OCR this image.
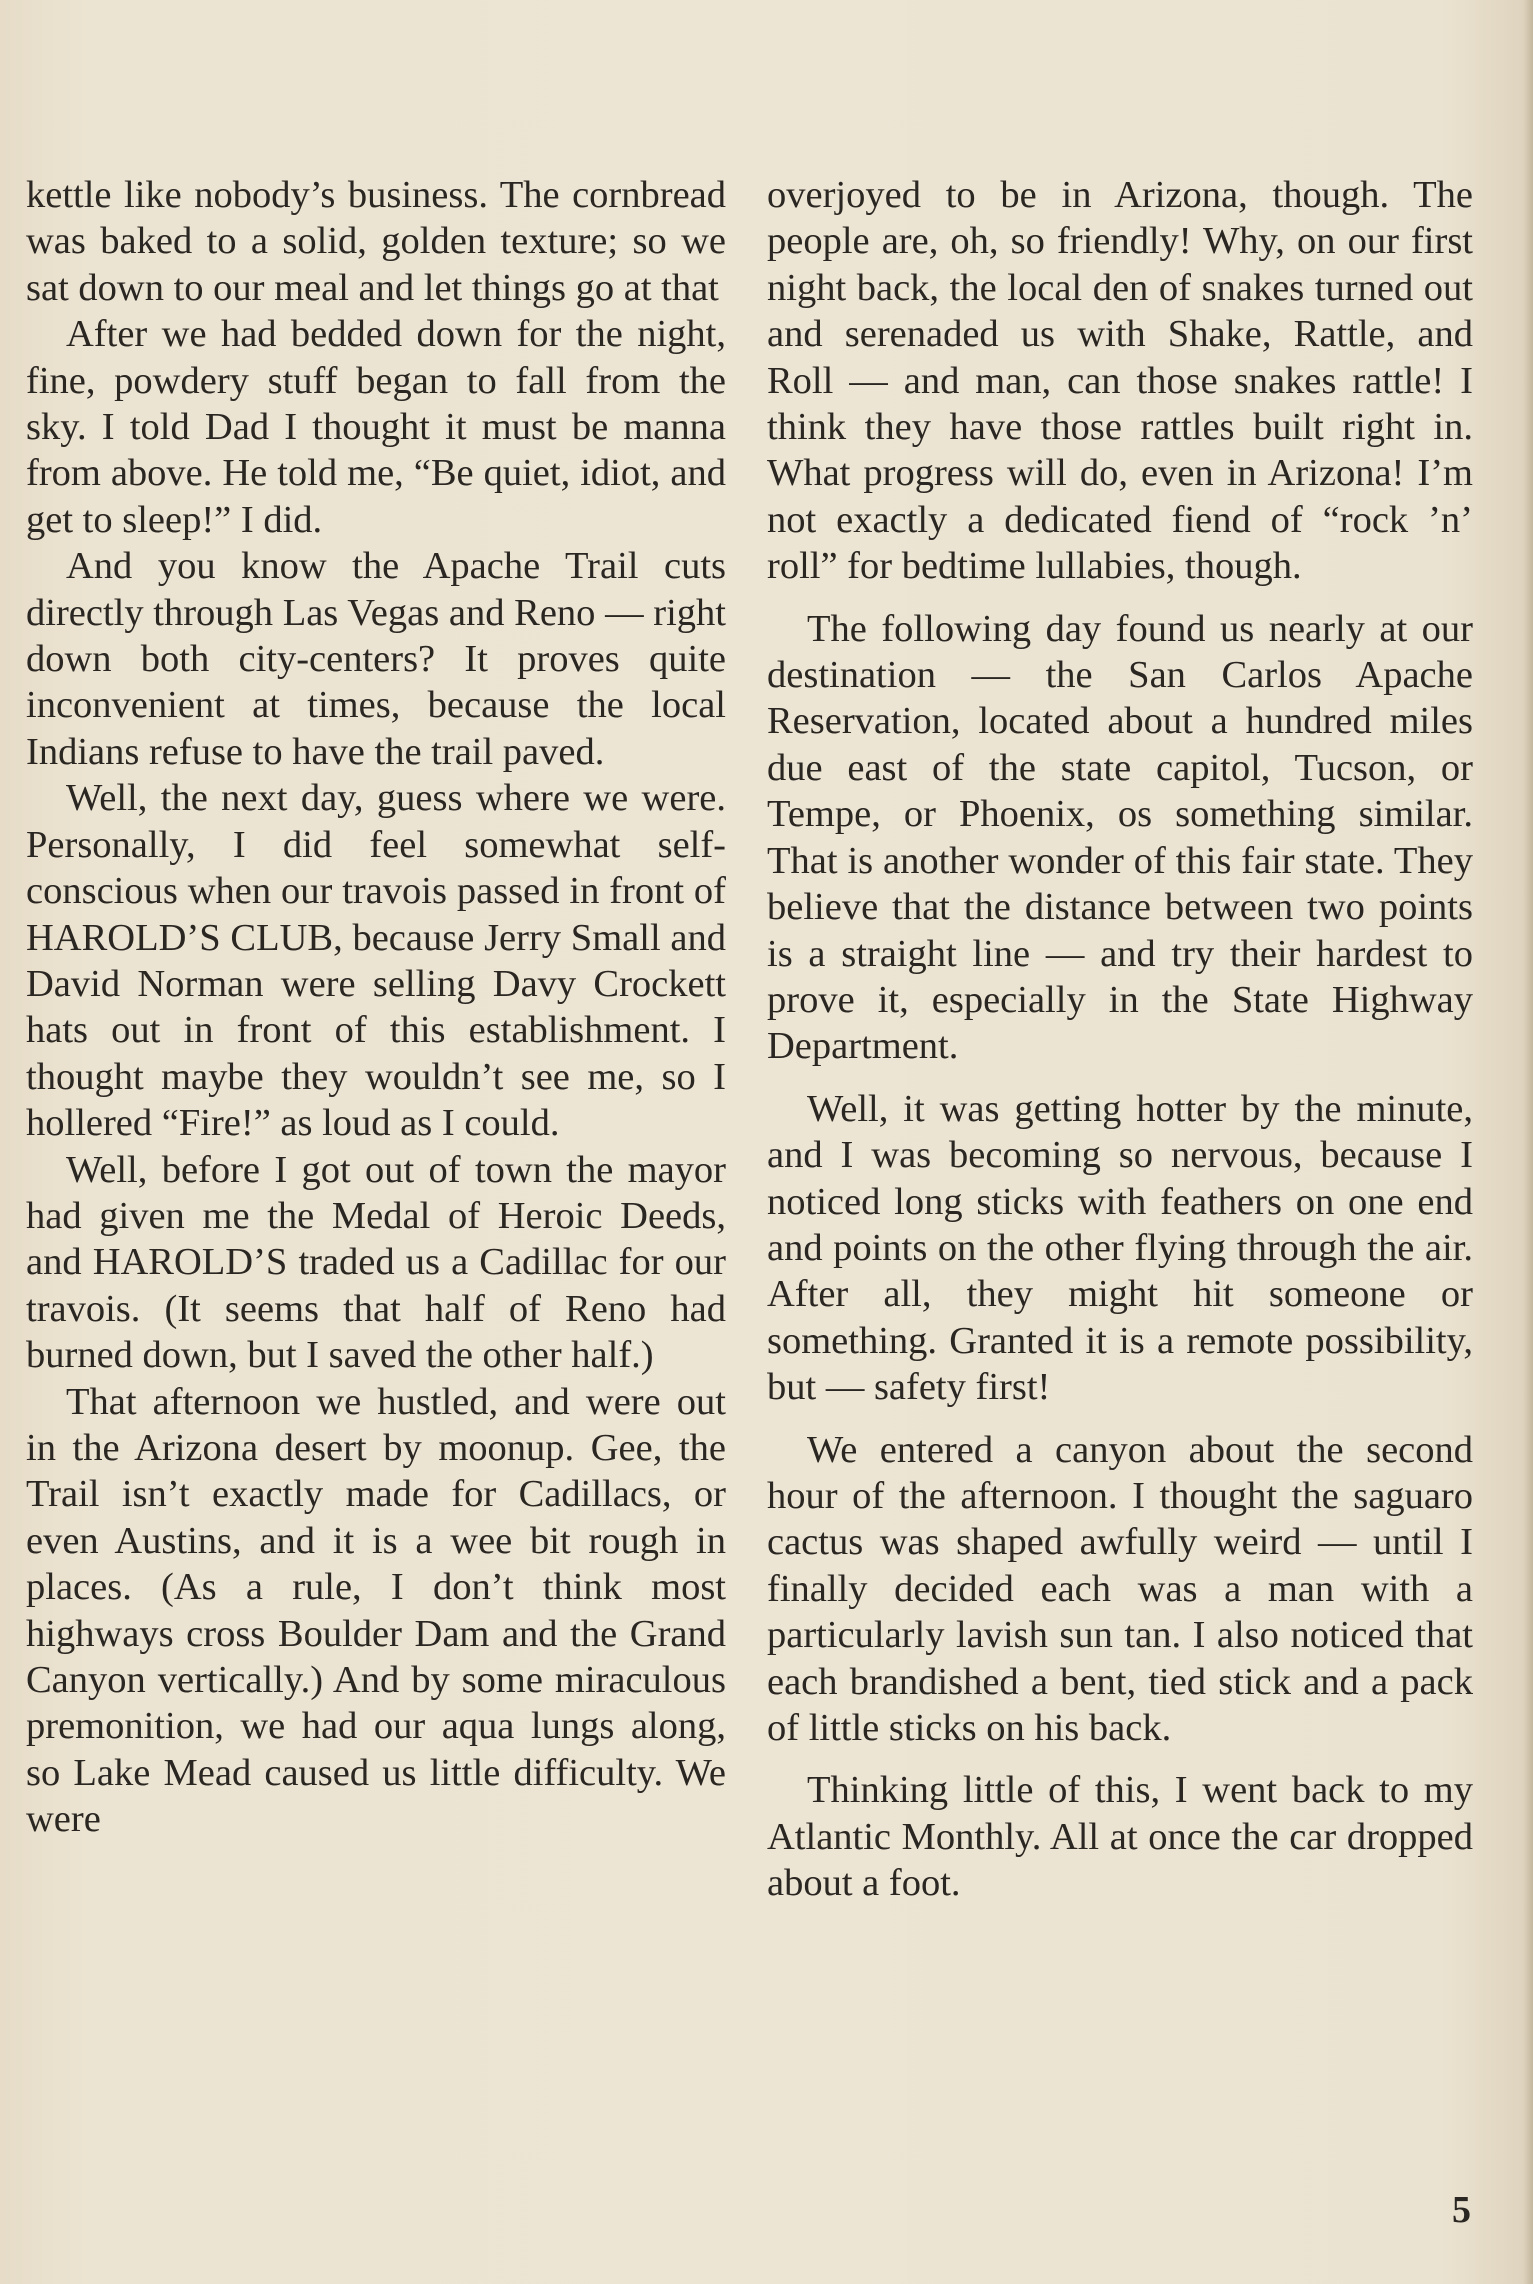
kettle like nobody’s business. The cornbread was baked to a solid, golden texture; so we sat down to our meal and let things go at that

After we had bedded down for the night, fine, powdery stuff began to fall from the sky. I told Dad I thought it must be manna from above. He told me, “Be quiet, idiot, and get to sleep!” I did.

And you know the Apache Trail cuts directly through Las Vegas and Reno — right down both city-centers? It proves quite inconvenient at times, because the local Indians refuse to have the trail paved.

Well, the next day, guess where we were. Personally, I did feel somewhat self-conscious when our travois passed in front of HAROLD’S CLUB, because Jerry Small and David Norman were selling Davy Crockett hats out in front of this establishment. I thought maybe they wouldn’t see me, so I hollered “Fire!” as loud as I could.

Well, before I got out of town the mayor had given me the Medal of Heroic Deeds, and HAROLD’S traded us a Cadillac for our travois. (It seems that half of Reno had burned down, but I saved the other half.)

That afternoon we hustled, and were out in the Arizona desert by moonup. Gee, the Trail isn’t exactly made for Cadillacs, or even Austins, and it is a wee bit rough in places. (As a rule, I don’t think most highways cross Boulder Dam and the Grand Canyon vertically.) And by some miraculous premonition, we had our aqua lungs along, so Lake Mead caused us little difficulty. We were

overjoyed to be in Arizona, though. The people are, oh, so friendly! Why, on our first night back, the local den of snakes turned out and serenaded us with Shake, Rattle, and Roll — and man, can those snakes rattle! I think they have those rattles built right in. What progress will do, even in Arizona! I’m not exactly a dedicated fiend of “rock ’n’ roll” for bedtime lullabies, though.

The following day found us nearly at our destination — the San Carlos Apache Reservation, located about a hundred miles due east of the state capitol, Tucson, or Tempe, or Phoenix, os something similar. That is another wonder of this fair state. They believe that the distance between two points is a straight line — and try their hardest to prove it, especially in the State Highway Department.

Well, it was getting hotter by the minute, and I was becoming so nervous, because I noticed long sticks with feathers on one end and points on the other flying through the air. After all, they might hit someone or something. Granted it is a remote possibility, but — safety first!

We entered a canyon about the second hour of the afternoon. I thought the saguaro cactus was shaped awfully weird — until I finally decided each was a man with a particularly lavish sun tan. I also noticed that each brandished a bent, tied stick and a pack of little sticks on his back.

Thinking little of this, I went back to my Atlantic Monthly. All at once the car dropped about a foot.

5
